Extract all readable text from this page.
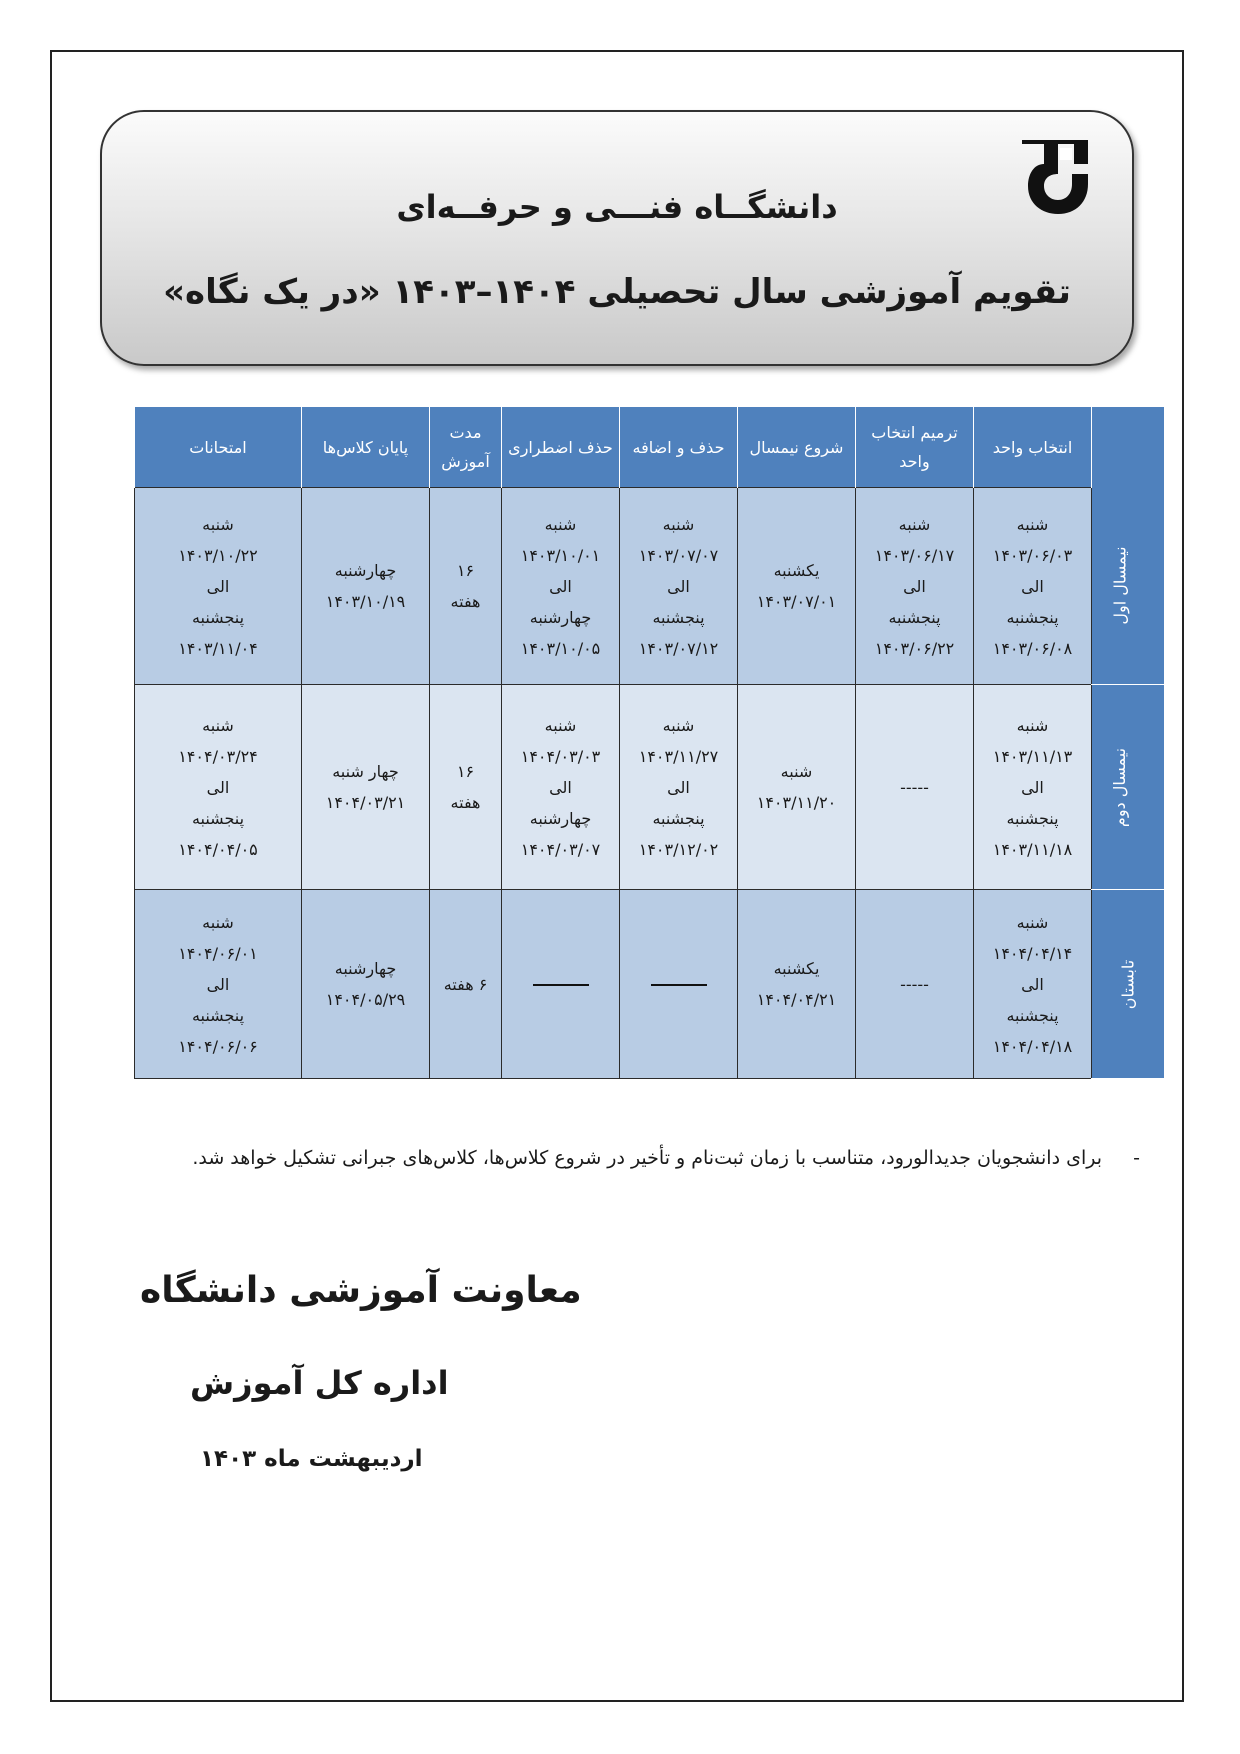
دانشگــاه فنـــی و حرفــه‌ای
تقویم آموزشی سال تحصیلی ۱۴۰۴–۱۴۰۳ «در یک نگاه»
	انتخاب واحد	ترمیم انتخاب واحد	شروع نیمسال	حذف و اضافه	حذف اضطراری	مدت آموزش	پایان کلاس‌ها	امتحانات
نیمسال اول	شنبه
۱۴۰۳/۰۶/۰۳
الی
پنجشنبه
۱۴۰۳/۰۶/۰۸	شنبه
۱۴۰۳/۰۶/۱۷
الی
پنجشنبه
۱۴۰۳/۰۶/۲۲	یکشنبه
۱۴۰۳/۰۷/۰۱	شنبه
۱۴۰۳/۰۷/۰۷
الی
پنجشنبه
۱۴۰۳/۰۷/۱۲	شنبه
۱۴۰۳/۱۰/۰۱
الی
چهارشنبه
۱۴۰۳/۱۰/۰۵	۱۶
هفته	چهارشنبه
۱۴۰۳/۱۰/۱۹	شنبه
۱۴۰۳/۱۰/۲۲
الی
پنجشنبه
۱۴۰۳/۱۱/۰۴

نیمسال دوم	شنبه
۱۴۰۳/۱۱/۱۳
الی
پنجشنبه
۱۴۰۳/۱۱/۱۸	-----	شنبه
۱۴۰۳/۱۱/۲۰	شنبه
۱۴۰۳/۱۱/۲۷
الی
پنجشنبه
۱۴۰۳/۱۲/۰۲	شنبه
۱۴۰۴/۰۳/۰۳
الی
چهارشنبه
۱۴۰۴/۰۳/۰۷	۱۶
هفته	چهار شنبه
۱۴۰۴/۰۳/۲۱	شنبه
۱۴۰۴/۰۳/۲۴
الی
پنجشنبه
۱۴۰۴/۰۴/۰۵

تابستان	شنبه
۱۴۰۴/۰۴/۱۴
الی
پنجشنبه
۱۴۰۴/۰۴/۱۸	-----	یکشنبه
۱۴۰۴/۰۴/۲۱			۶ هفته	چهارشنبه
۱۴۰۴/۰۵/۲۹	شنبه
۱۴۰۴/۰۶/۰۱
الی
پنجشنبه
۱۴۰۴/۰۶/۰۶
-
برای دانشجویان جدیدالورود، متناسب با زمان ثبت‌نام و تأخیر در شروع کلاس‌ها، کلاس‌های جبرانی تشکیل خواهد شد.
معاونت آموزشی دانشگاه
اداره کل آموزش
اردیبهشت ماه ۱۴۰۳
